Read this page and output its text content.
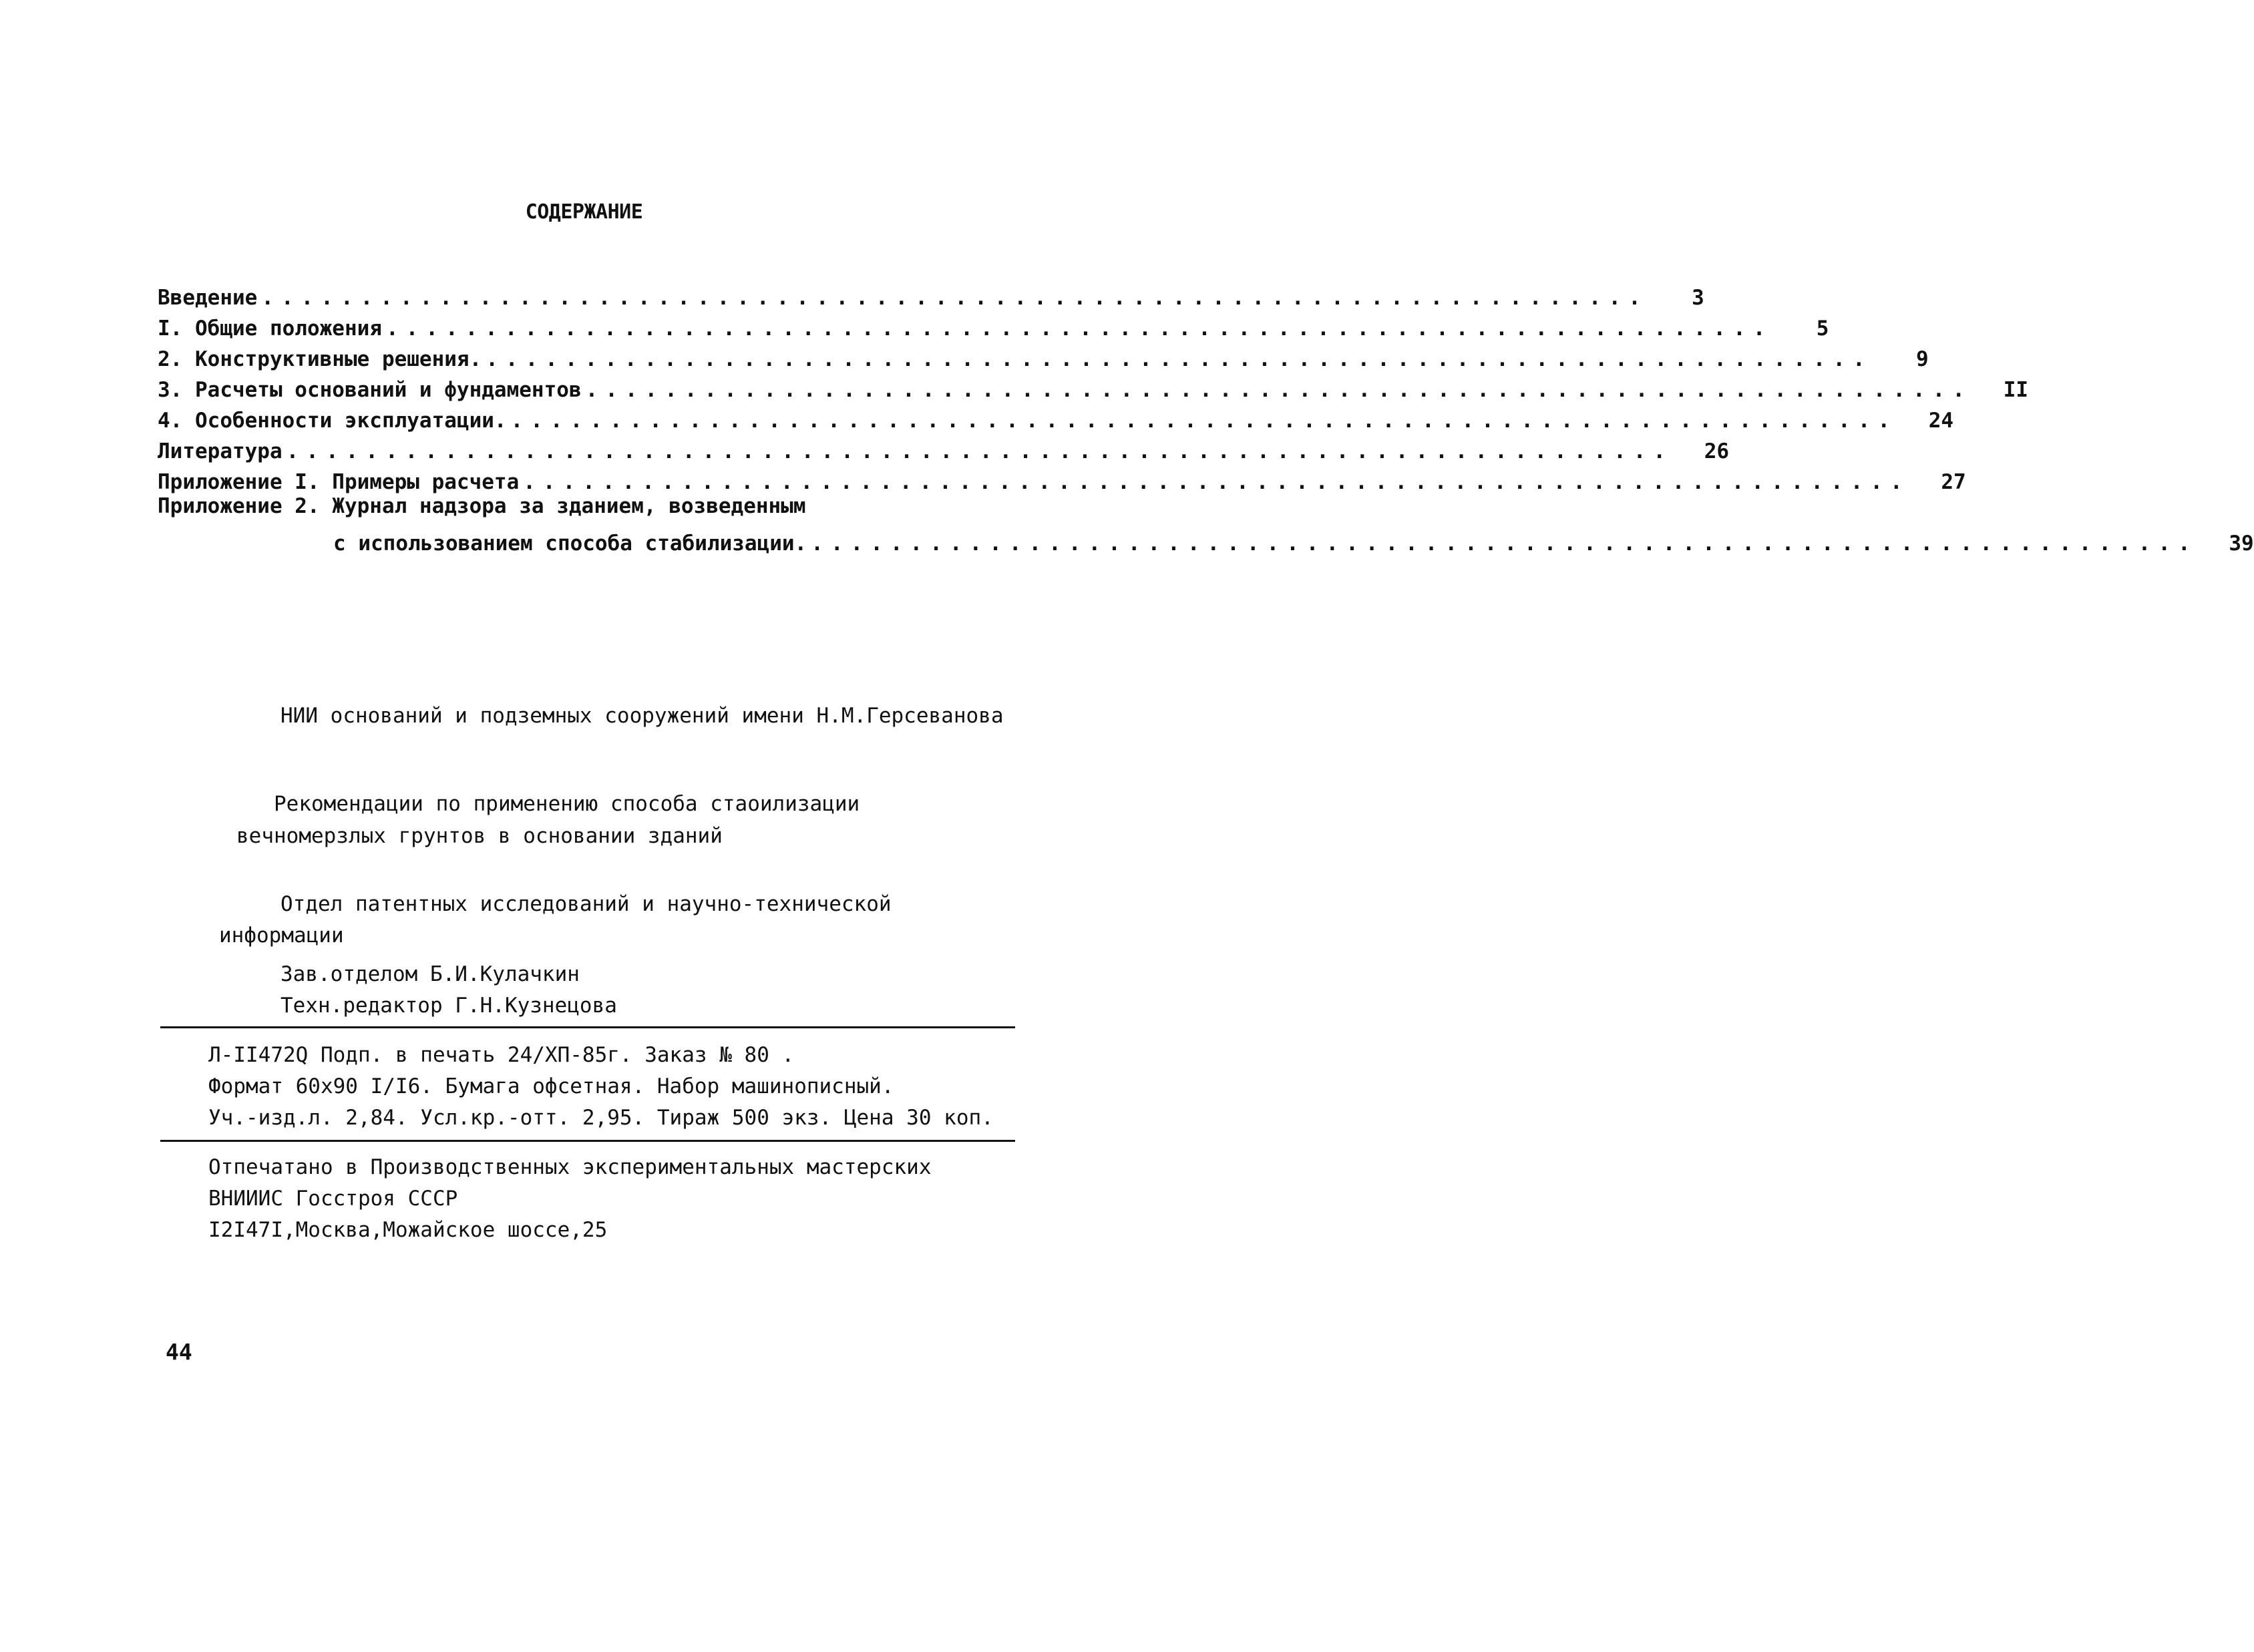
СОДЕРЖАНИЕ
Введение ......................................................................	3
I. Общие положения ......................................................................	5
2. Конструктивные решения. ......................................................................	9
3. Расчеты оснований и фундаментов ......................................................................	II
4. Особенности эксплуатации. ......................................................................	24
Литература ......................................................................	26
Приложение I. Примеры расчета ......................................................................	27
Приложение 2. Журнал надзора за зданием, возведенным
с использованием способа стабилизации. ......................................................................	39
НИИ оснований и подземных сооружений имени Н.М.Герсеванова
Рекомендации по применению способа стаоилизации
вечномерзлых грунтов в основании зданий
Отдел патентных исследований и научно-технической
информации
Зав.отделом Б.И.Кулачкин
Техн.редактор Г.Н.Кузнецова
Л-II472Q Подп. в печать 24/ХП-85г. Заказ № 80 .
Формат 60х90 I/I6. Бумага офсетная. Набор машинописный.
Уч.-изд.л. 2,84. Усл.кр.-отт. 2,95. Тираж 500 экз. Цена 30 коп.
Отпечатано в Производственных экспериментальных мастерских
ВНИИИС Госстроя СССР
I2I47I,Москва,Можайское шоссе,25
44
